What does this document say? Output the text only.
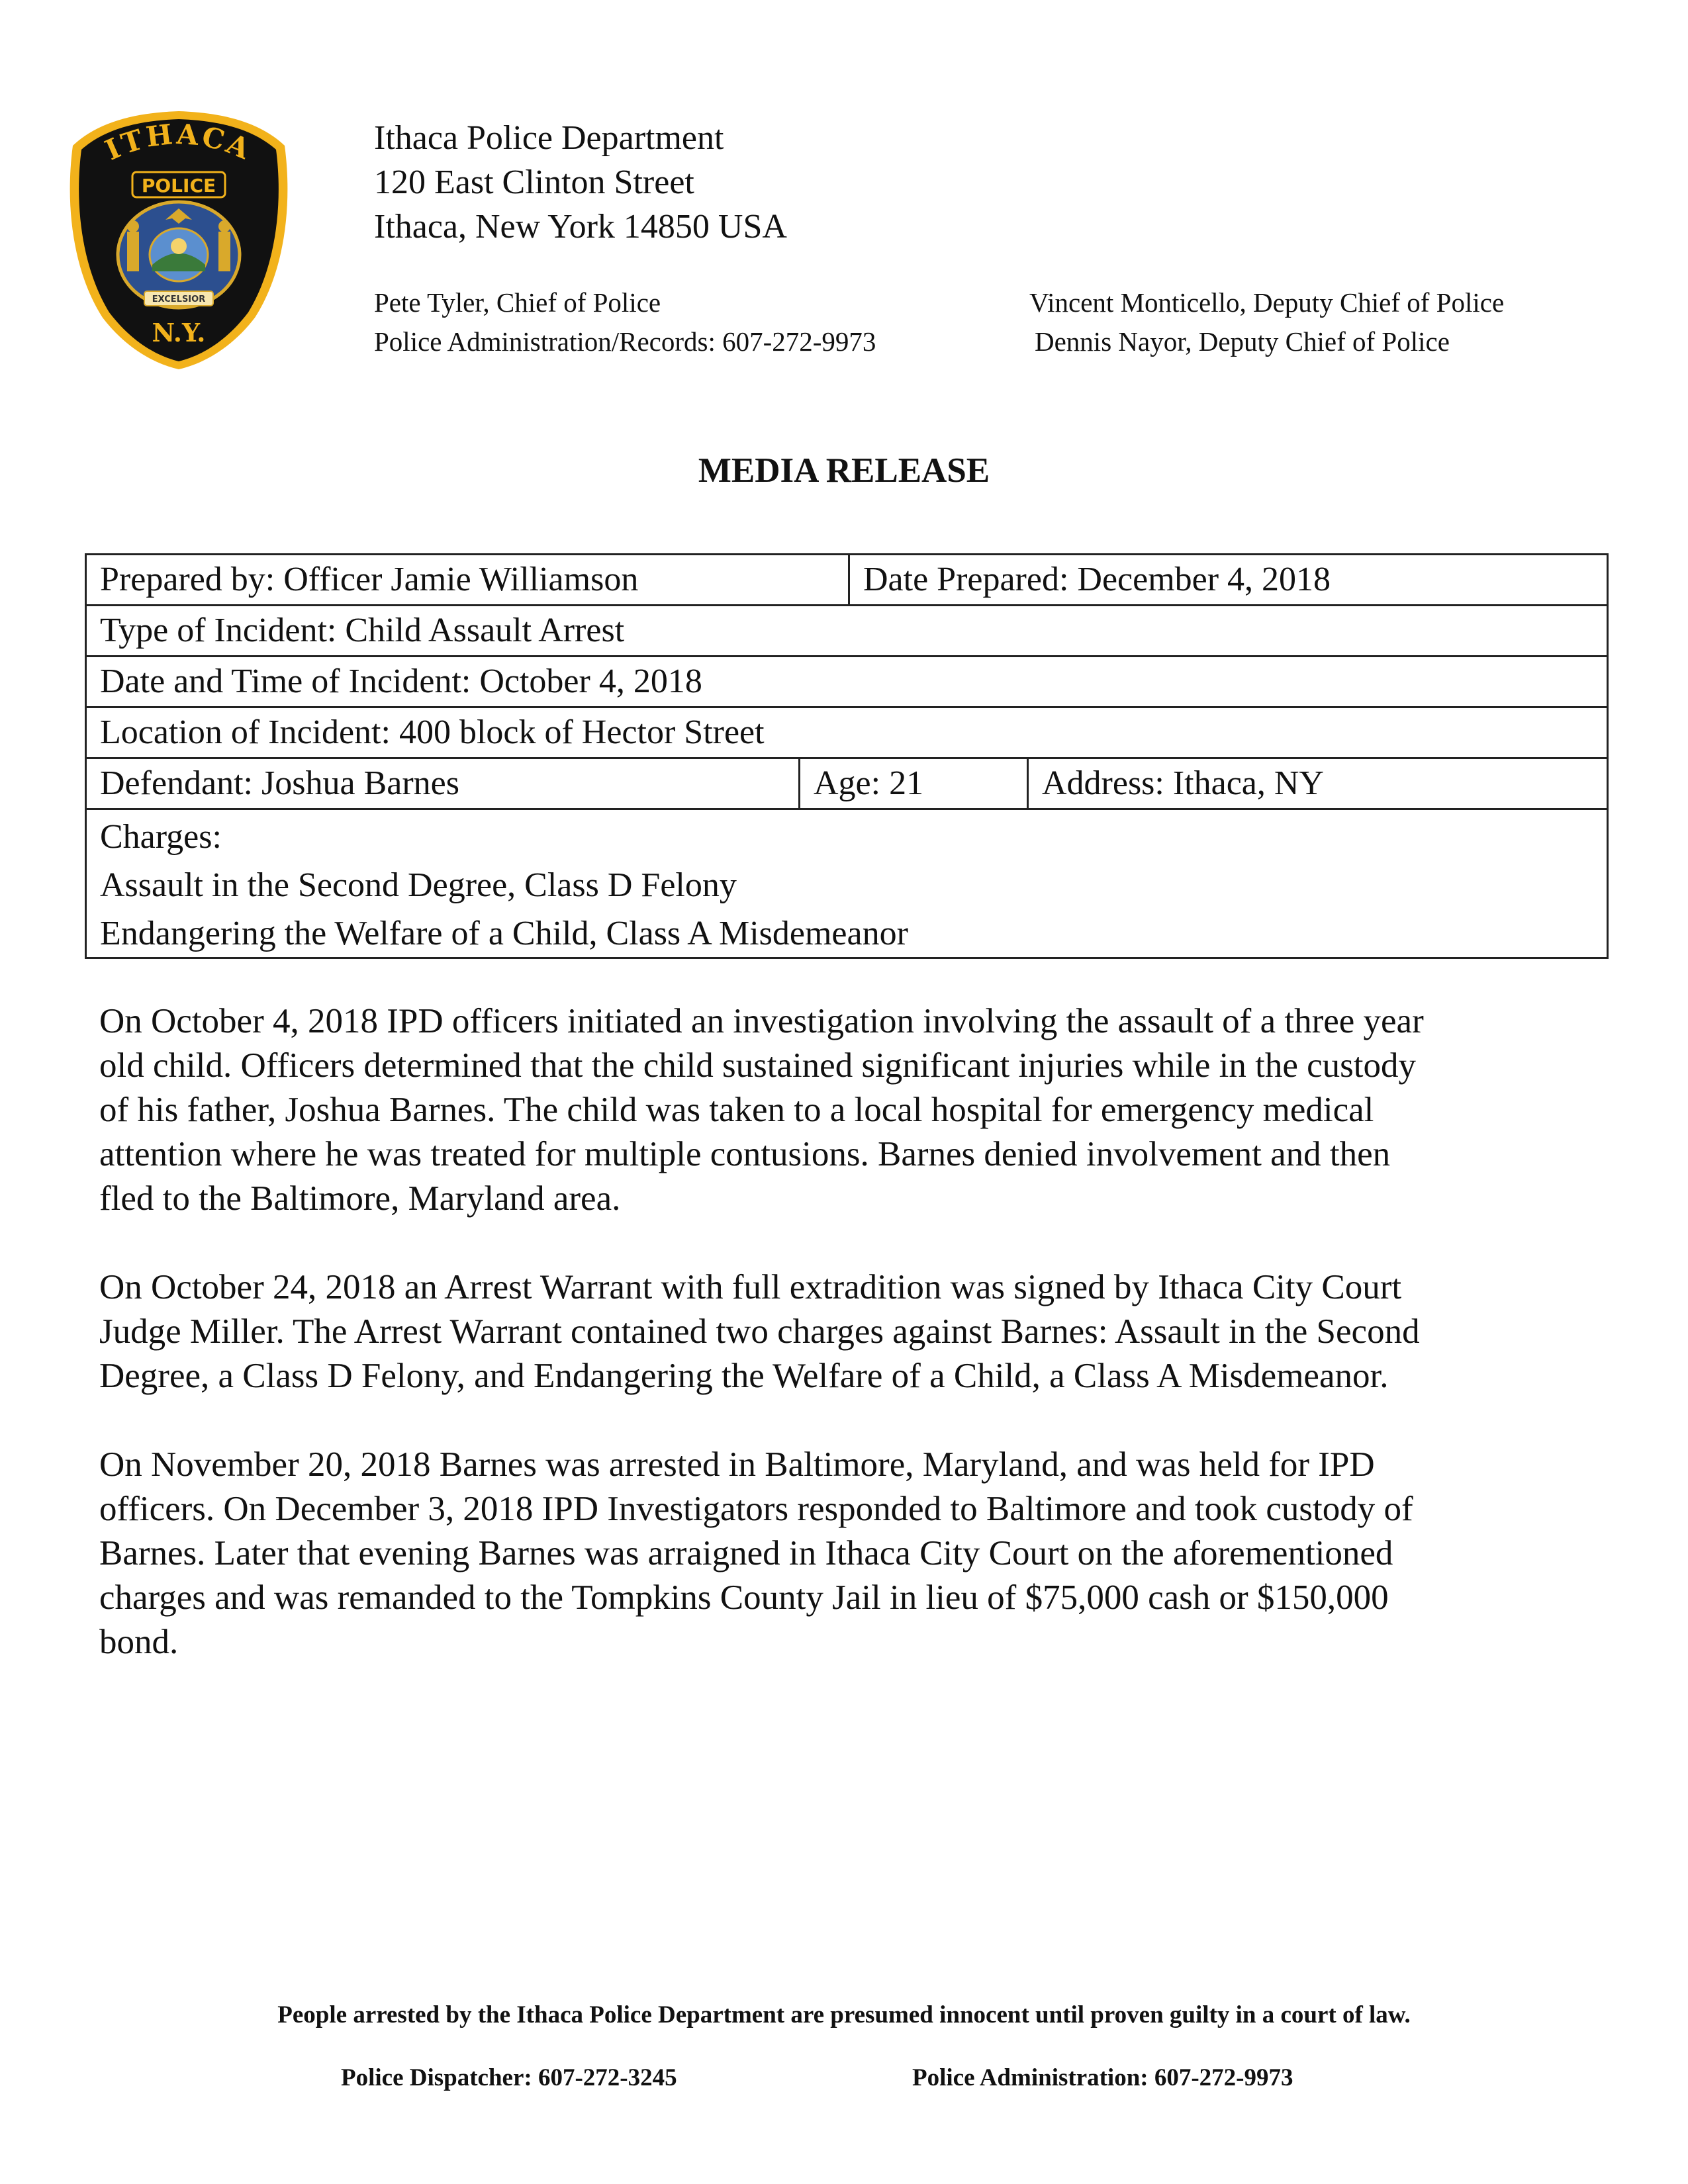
ITHACA
POLICE
EXCELSIOR
N.Y.
Ithaca Police Department
120 East Clinton Street
Ithaca, New York 14850 USA
Pete Tyler, Chief of Police
Police Administration/Records: 607-272-9973
Vincent Monticello, Deputy Chief of Police
Dennis Nayor, Deputy Chief of Police
MEDIA RELEASE
Prepared by: Officer Jamie Williamson	Date Prepared: December 4, 2018
Type of Incident: Child Assault Arrest
Date and Time of Incident: October 4, 2018
Location of Incident: 400 block of Hector Street
Defendant: Joshua Barnes	Age: 21	Address: Ithaca, NY
Charges:
Assault in the Second Degree, Class D Felony
Endangering the Welfare of a Child, Class A Misdemeanor
On October 4, 2018 IPD officers initiated an investigation involving the assault of a three year
old child. Officers determined that the child sustained significant injuries while in the custody
of his father, Joshua Barnes. The child was taken to a local hospital for emergency medical
attention where he was treated for multiple contusions. Barnes denied involvement and then
fled to the Baltimore, Maryland area.
On October 24, 2018 an Arrest Warrant with full extradition was signed by Ithaca City Court
Judge Miller. The Arrest Warrant contained two charges against Barnes: Assault in the Second
Degree, a Class D Felony, and Endangering the Welfare of a Child, a Class A Misdemeanor.
On November 20, 2018 Barnes was arrested in Baltimore, Maryland, and was held for IPD
officers. On December 3, 2018 IPD Investigators responded to Baltimore and took custody of
Barnes. Later that evening Barnes was arraigned in Ithaca City Court on the aforementioned
charges and was remanded to the Tompkins County Jail in lieu of $75,000 cash or $150,000
bond.
People arrested by the Ithaca Police Department are presumed innocent until proven guilty in a court of law.
Police Dispatcher: 607-272-3245	Police Administration: 607-272-9973
